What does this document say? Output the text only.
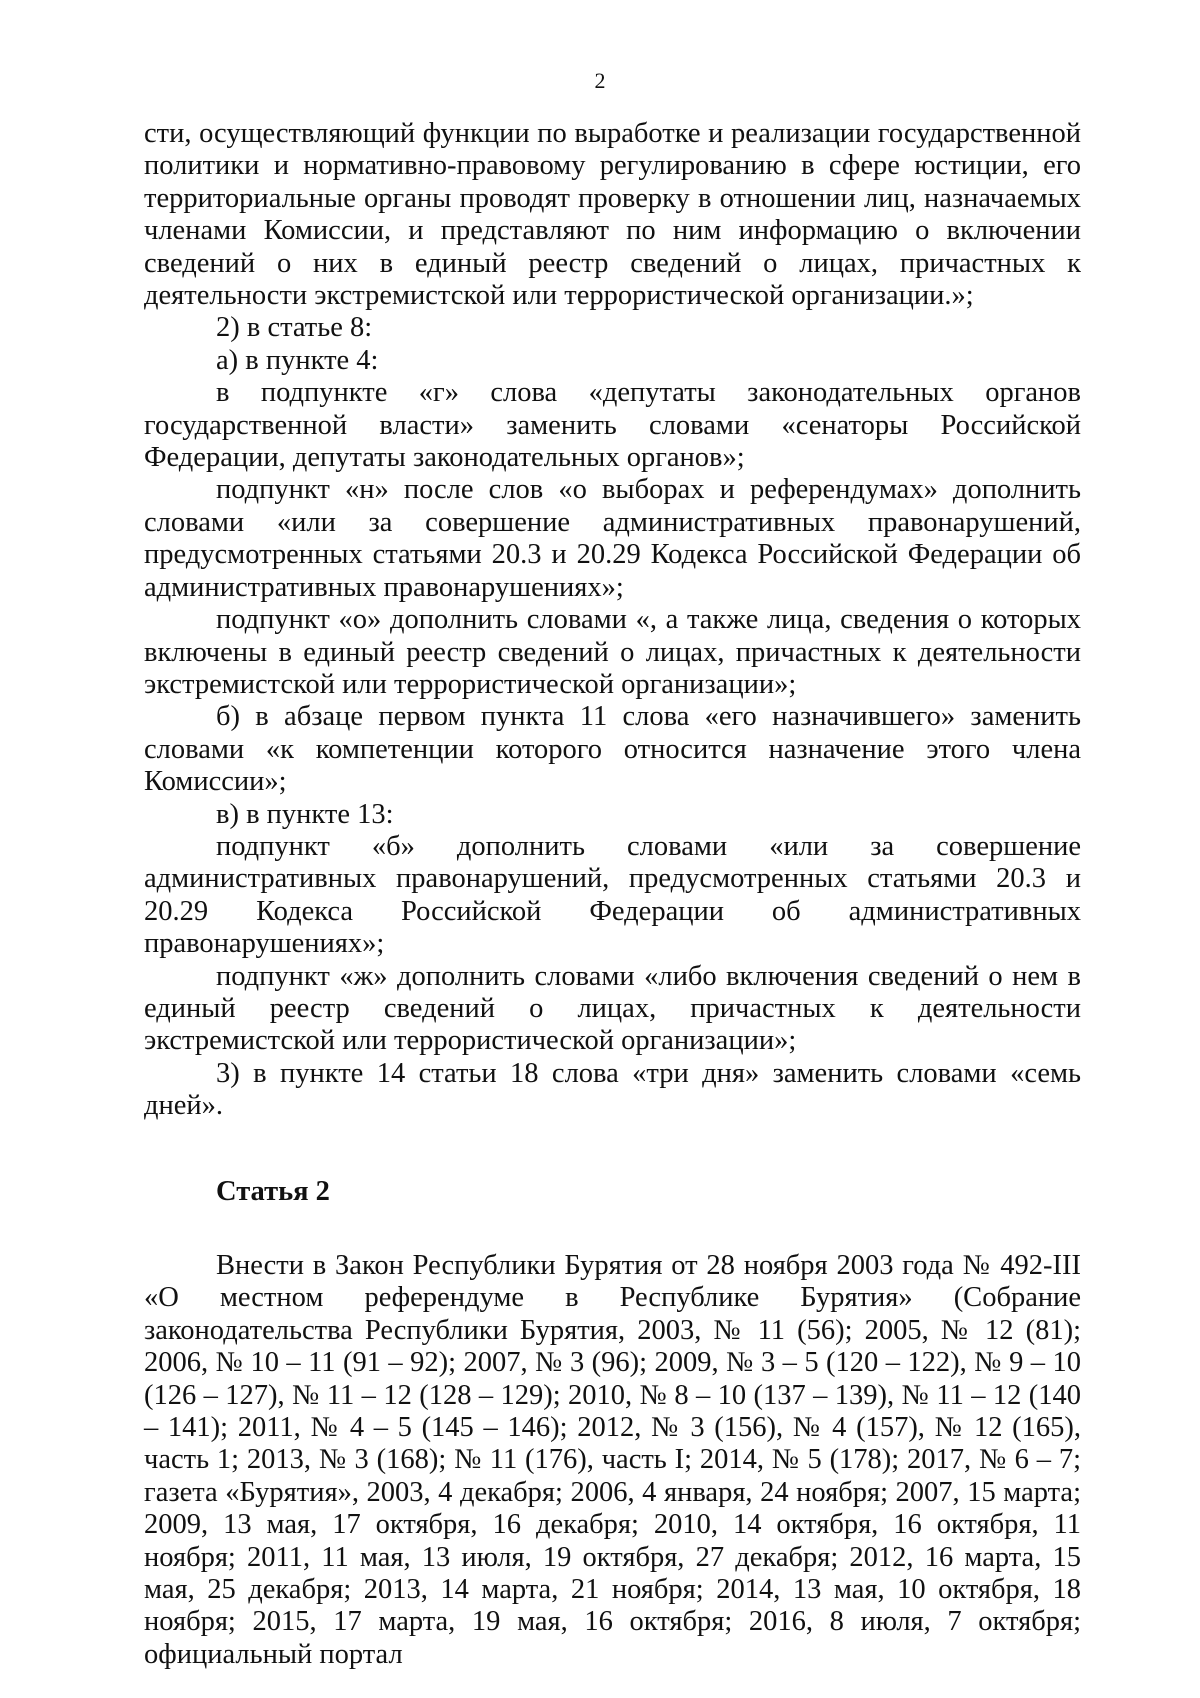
2

сти, осуществляющий функции по выработке и реализации государственной политики и нормативно-правовому регулированию в сфере юстиции, его территориальные органы проводят проверку в отношении лиц, назначаемых членами Комиссии, и представляют по ним информацию о включении сведений о них в единый реестр сведений о лицах, причастных к деятельности экстремистской или террористической организации.»;

2) в статье 8:

а) в пункте 4:

в подпункте «г» слова «депутаты законодательных органов государственной власти» заменить словами «сенаторы Российской Федерации, депутаты законодательных органов»;

подпункт «н» после слов «о выборах и референдумах» дополнить словами «или за совершение административных правонарушений, предусмотренных статьями 20.3 и 20.29 Кодекса Российской Федерации об административных правонарушениях»;

подпункт «о» дополнить словами «, а также лица, сведения о которых включены в единый реестр сведений о лицах, причастных к деятельности экстремистской или террористической организации»;

б) в абзаце первом пункта 11 слова «его назначившего» заменить словами «к компетенции которого относится назначение этого члена Комиссии»;

в) в пункте 13:

подпункт «б» дополнить словами «или за совершение административных правонарушений, предусмотренных статьями 20.3 и 20.29 Кодекса Российской Федерации об административных правонарушениях»;

подпункт «ж» дополнить словами «либо включения сведений о нем в единый реестр сведений о лицах, причастных к деятельности экстремистской или террористической организации»;

3) в пункте 14 статьи 18 слова «три дня» заменить словами «семь дней».

Статья 2

Внести в Закон Республики Бурятия от 28 ноября 2003 года № 492-III «О местном референдуме в Республике Бурятия» (Собрание законодательства Республики Бурятия, 2003, № 11 (56); 2005, № 12 (81); 2006, № 10 – 11 (91 – 92); 2007, № 3 (96); 2009, № 3 – 5 (120 – 122), № 9 – 10 (126 – 127), № 11 – 12 (128 – 129); 2010, № 8 – 10 (137 – 139), № 11 – 12 (140 – 141); 2011, № 4 – 5 (145 – 146); 2012, № 3 (156), № 4 (157), № 12 (165), часть 1; 2013, № 3 (168); № 11 (176), часть I; 2014, № 5 (178); 2017, № 6 – 7; газета «Бурятия», 2003, 4 декабря; 2006, 4 января, 24 ноября; 2007, 15 марта; 2009, 13 мая, 17 октября, 16 декабря; 2010, 14 октября, 16 октября, 11 ноября; 2011, 11 мая, 13 июля, 19 октября, 27 декабря; 2012, 16 марта, 15 мая, 25 декабря; 2013, 14 марта, 21 ноября; 2014, 13 мая, 10 октября, 18 ноября; 2015, 17 марта, 19 мая, 16 октября; 2016, 8 июля, 7 октября; официальный портал
